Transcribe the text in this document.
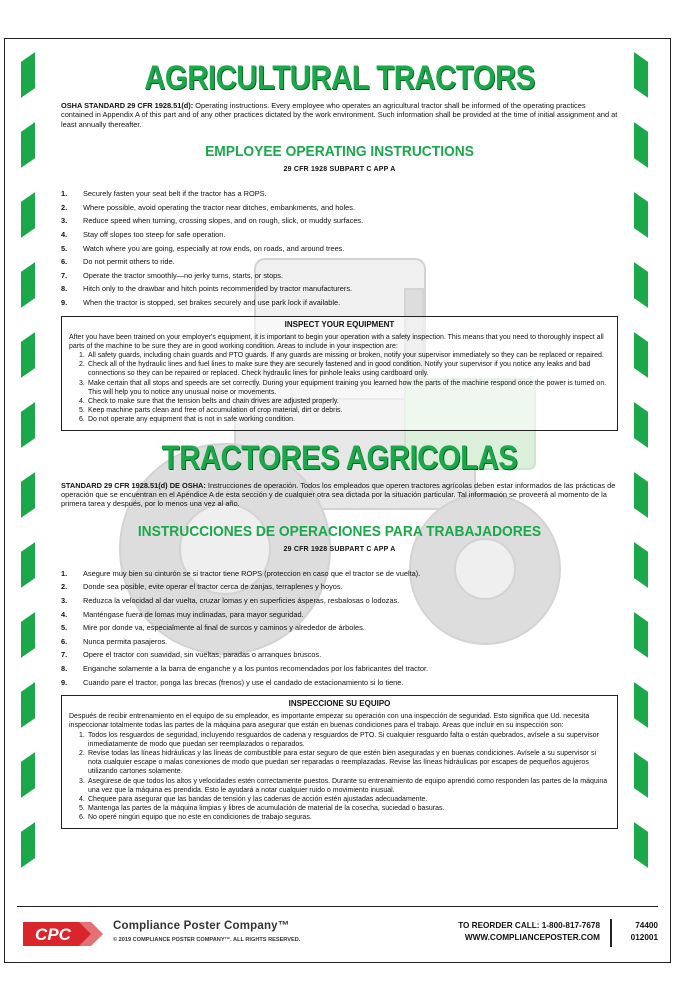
AGRICULTURAL TRACTORS

OSHA STANDARD 29 CFR 1928.51(d): Operating instructions. Every employee who operates an agricultural tractor shall be informed of the operating practices contained in Appendix A of this part and of any other practices dictated by the work environment. Such information shall be provided at the time of initial assignment and at least annually thereafter.

EMPLOYEE OPERATING INSTRUCTIONS
29 CFR 1928 SUBPART C APP A
1. Securely fasten your seat belt if the tractor has a ROPS.
2. Where possible, avoid operating the tractor near ditches, embankments, and holes.
3. Reduce speed when turning, crossing slopes, and on rough, slick, or muddy surfaces.
4. Stay off slopes too steep for safe operation.
5. Watch where you are going, especially at row ends, on roads, and around trees.
6. Do not permit others to ride.
7. Operate the tractor smoothly—no jerky turns, starts, or stops.
8. Hitch only to the drawbar and hitch points recommended by tractor manufacturers.
9. When the tractor is stopped, set brakes securely and use park lock if available.
INSPECT YOUR EQUIPMENT

After you have been trained on your employer's equipment, it is important to begin your operation with a safety inspection. This means that you need to thoroughly inspect all parts of the machine to be sure they are in good working condition. Areas to include in your inspection are:

1. All safety guards, including chain guards and PTO guards. If any guards are missing or broken, notify your supervisor immediately so they can be replaced or repaired.
2. Check all of the hydraulic lines and fuel lines to make sure they are securely fastened and in good condition. Notify your supervisor if you notice any leaks and bad connections so they can be repaired or replaced. Check hydraulic lines for pinhole leaks using cardboard only.
3. Make certain that all stops and speeds are set correctly. During your equipment training you learned how the parts of the machine respond once the power is turned on. This will help you to notice any unusual noise or movements.
4. Check to make sure that the tension belts and chain drives are adjusted properly.
5. Keep machine parts clean and free of accumulation of crop material, dirt or debris.
6. Do not operate any equipment that is not in safe working condition.
TRACTORES AGRICOLAS

STANDARD 29 CFR 1928.51(d) DE OSHA: Instrucciones de operación. Todos los empleados que operen tractores agrícolas deben estar informados de las prácticas de operación que se encuentran en el Apéndice A de esta sección y de cualquier otra sea dictada por la situación particular. Tal información se proveerá al momento de la primera tarea y después, por lo menos una vez al año.

INSTRUCCIONES DE OPERACIONES PARA TRABAJADORES
29 CFR 1928 SUBPART C APP A
1. Asegure muy bien su cinturón se si tractor tiene ROPS (proteccion en caso que el tractor se de vuelta).
2. Donde sea posible, evite operar el tractor cerca de zanjas, terraplenes y hoyos.
3. Reduzca la velocidad al dar vuelta, cruzar lomas y en superficies ásperas, resbalosas o lodozas.
4. Manténgase fuera de lomas muy inclinadas, para mayor seguridad.
5. Mire por donde va, especialmente al final de surcos y caminos y alrededor de árboles.
6. Nunca permita pasajeros.
7. Opere el tractor con suavidad, sin vueltas, paradas o arranques bruscos.
8. Enganche solamente a la barra de enganche y a los puntos recomendados por los fabricantes del tractor.
9. Cuando pare el tractor, ponga las brecas (frenos) y use el candado de estacionamiento si lo tiene.
INSPECCIONE SU EQUIPO

Después de recibir entrenamiento en el equipo de su empleador, es importante empezar su operación con una inspección de seguridad. Esto significa que Ud. necesita inspeccionar totalmente todas las partes de la máquina para asegurar que están en buenas condiciones para el trabajo. Areas que incluir en su inspección son:

1. Todos los resguardos de seguridad, incluyendo resguardos de cadena y resguardos de PTO. Si cualquier resguardo falta o están quebrados, avísele a su supervisor inmediatamente de modo que puedan ser reemplazados o reparados.
2. Revise todas las líneas hidráulicas y las líneas de combustible para estar seguro de que estén bien aseguradas y en buenas condiciones. Avísele a su supervisor si nota cualquier escape o malas conexiones de modo que puedan ser reparadas o reemplazadas. Revise las líneas hidráulicas por escapes de pequeños agujeros utilizando cartones solamente.
3. Asegúrese de que todos los altos y velocidades estén correctamente puestos. Durante su entrenamiento de equipo aprendió como responden las partes de la máquina una vez que la máquina es prendida. Esto le ayudará a notar cualquier ruido o movimiento inusual.
4. Chequee para asegurar que las bandas de tensión y las cadenas de acción estén ajustadas adecuadamente.
5. Mantenga las partes de la máquina limpias y libres de acumulación de material de la cosecha, suciedad o basuras.
6. No operé ningún equipo que no este en condiciones de trabajo seguras.
CPC	Compliance Poster Company™
© 2019 COMPLIANCE POSTER COMPANY™. ALL RIGHTS RESERVED.
TO REORDER CALL: 1-800-817-7678
WWW.COMPLIANCEPOSTER.COM
74400
012001
